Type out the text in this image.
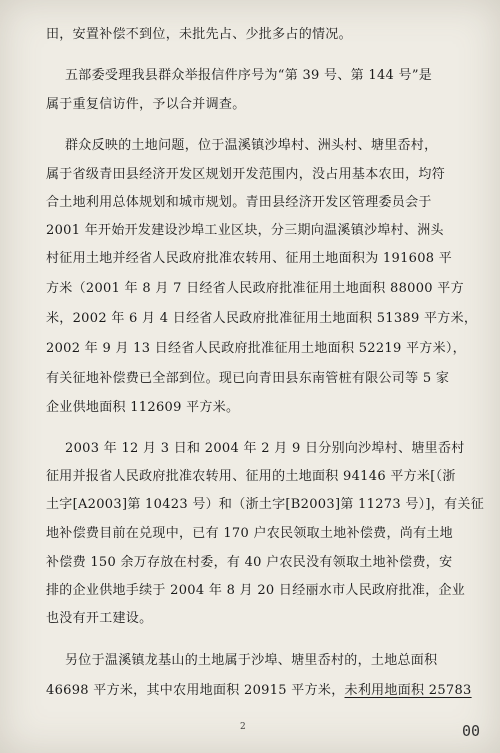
田，安置补偿不到位，未批先占、少批多占的情况。
五部委受理我县群众举报信件序号为“第 39 号、第 144 号”是
属于重复信访件，予以合并调查。
群众反映的土地问题，位于温溪镇沙埠村、洲头村、塘里岙村，
属于省级青田县经济开发区规划开发范围内，没占用基本农田，均符
合土地利用总体规划和城市规划。青田县经济开发区管理委员会于
2001 年开始开发建设沙埠工业区块，分三期向温溪镇沙埠村、洲头
村征用土地并经省人民政府批准农转用、征用土地面积为 191608 平
方米（2001 年 8 月 7 日经省人民政府批准征用土地面积 88000 平方
米，2002 年 6 月 4 日经省人民政府批准征用土地面积 51389 平方米，
2002 年 9 月 13 日经省人民政府批准征用土地面积 52219 平方米），
有关征地补偿费已全部到位。现已向青田县东南管桩有限公司等 5 家
企业供地面积 112609 平方米。
2003 年 12 月 3 日和 2004 年 2 月 9 日分别向沙埠村、塘里岙村
征用并报省人民政府批准农转用、征用的土地面积 94146 平方米[（浙
土字[A2003]第 10423 号）和（浙土字[B2003]第 11273 号）]，有关征
地补偿费目前在兑现中，已有 170 户农民领取土地补偿费，尚有土地
补偿费 150 余万存放在村委，有 40 户农民没有领取土地补偿费，安
排的企业供地手续于 2004 年 8 月 20 日经丽水市人民政府批准，企业
也没有开工建设。
另位于温溪镇龙基山的土地属于沙埠、塘里岙村的，土地总面积
46698 平方米，其中农用地面积 20915 平方米，未利用地面积 25783
2	00
